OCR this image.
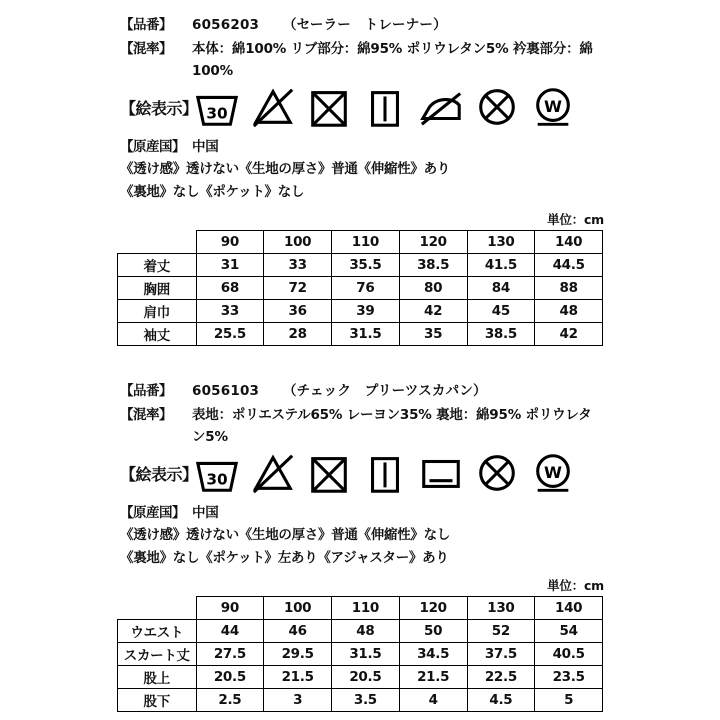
【品番】	6056203 （セーラー　トレーナー）
【混率】	本体：綿100% リブ部分：綿95% ポリウレタン5% 衿裏部分：綿100%
【絵表示】 30	W
【原産国】 中国
《透け感》透けない《生地の厚さ》普通《伸縮性》あり
《裏地》なし《ポケット》なし
単位：cm
	90	100	110	120	130	140
着丈	31	33	35.5	38.5	41.5	44.5
胸囲	68	72	76	80	84	88
肩巾	33	36	39	42	45	48
袖丈	25.5	28	31.5	35	38.5	42
【品番】	6056103 （チェック　プリーツスカパン）
【混率】	表地：ポリエステル65% レーヨン35% 裏地：綿95% ポリウレタン5%
【絵表示】 30	W
【原産国】 中国
《透け感》透けない《生地の厚さ》普通《伸縮性》なし
《裏地》なし《ポケット》左あり《アジャスター》あり
単位：cm
	90	100	110	120	130	140
ウエスト	44	46	48	50	52	54
スカート丈	27.5	29.5	31.5	34.5	37.5	40.5
股上	20.5	21.5	20.5	21.5	22.5	23.5
股下	2.5	3	3.5	4	4.5	5
